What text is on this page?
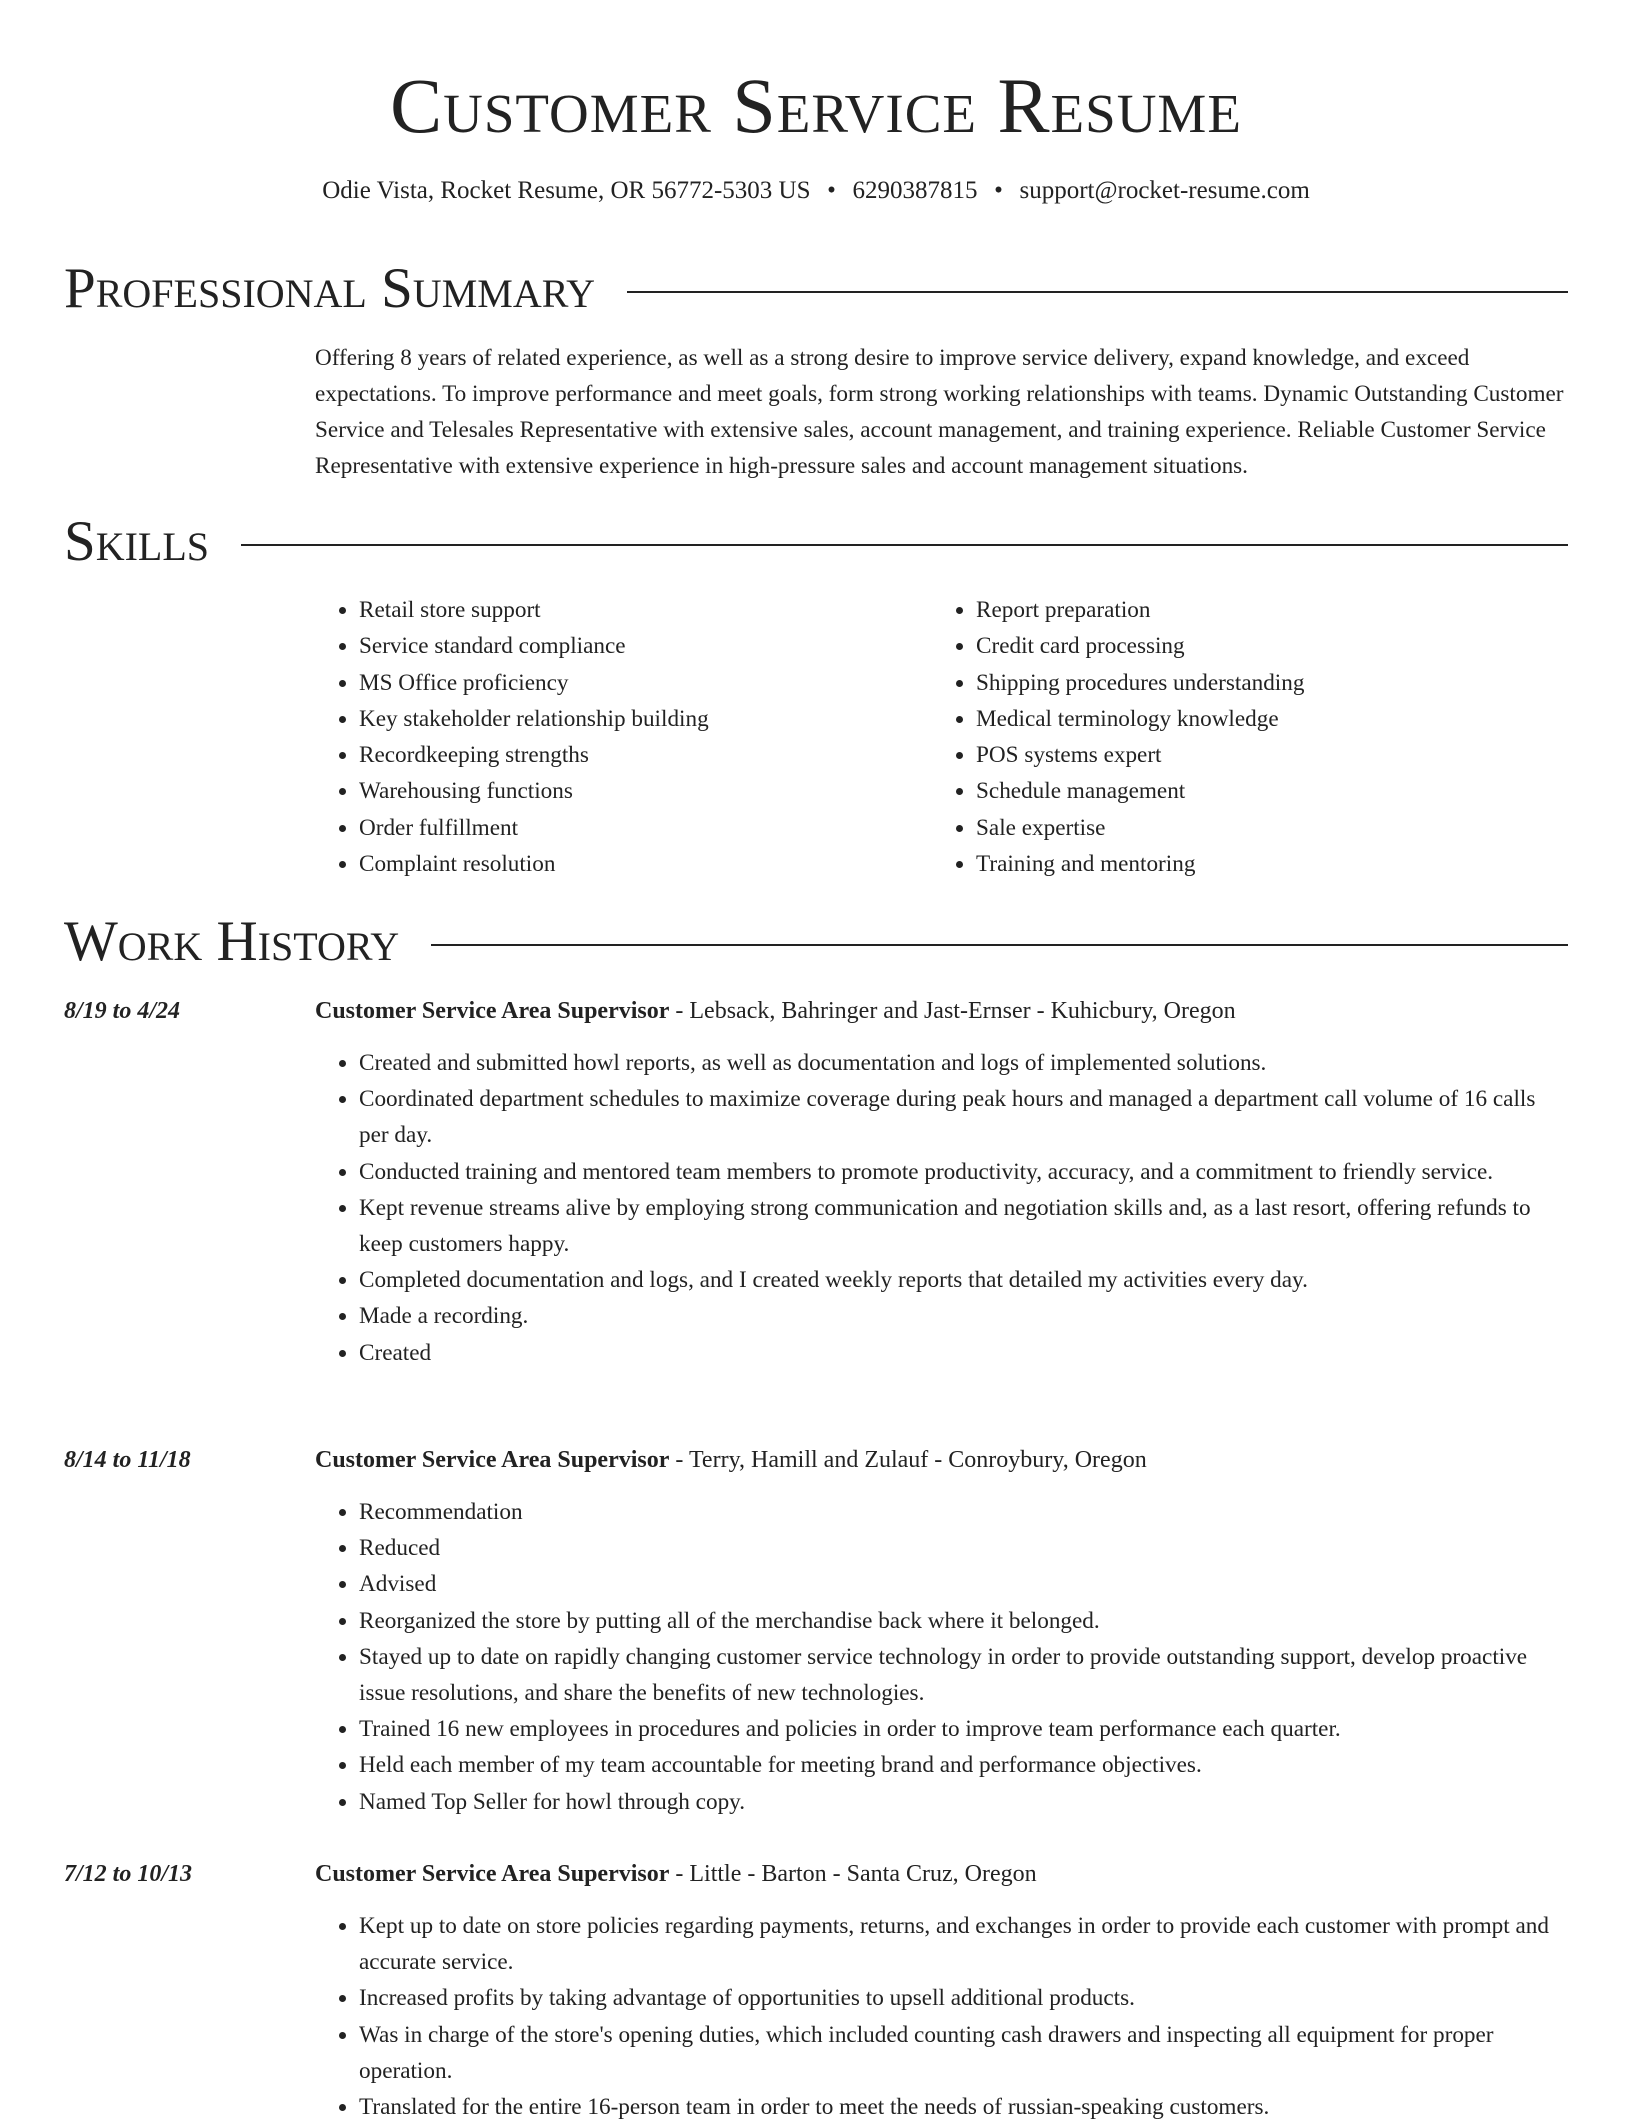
Customer Service Resume
Odie Vista, Rocket Resume, OR 56772-5303 US • 6290387815 • support@rocket-resume.com
Professional Summary

Offering 8 years of related experience, as well as a strong desire to improve service delivery, expand knowledge, and exceed expectations. To improve performance and meet goals, form strong working relationships with teams. Dynamic Outstanding Customer Service and Telesales Representative with extensive sales, account management, and training experience. Reliable Customer Service Representative with extensive experience in high-pressure sales and account management situations.

Skills
• Retail store support
• Service standard compliance
• MS Office proficiency
• Key stakeholder relationship building
• Recordkeeping strengths
• Warehousing functions
• Order fulfillment
• Complaint resolution
• Report preparation
• Credit card processing
• Shipping procedures understanding
• Medical terminology knowledge
• POS systems expert
• Schedule management
• Sale expertise
• Training and mentoring
Work History
8/19 to 4/24	Customer Service Area Supervisor - Lebsack, Bahringer and Jast-Ernser - Kuhicbury, Oregon
• Created and submitted howl reports, as well as documentation and logs of implemented solutions.
• Coordinated department schedules to maximize coverage during peak hours and managed a department call volume of 16 calls per day.
• Conducted training and mentored team members to promote productivity, accuracy, and a commitment to friendly service.
• Kept revenue streams alive by employing strong communication and negotiation skills and, as a last resort, offering refunds to keep customers happy.
• Completed documentation and logs, and I created weekly reports that detailed my activities every day.
• Made a recording.
• Created
8/14 to 11/18	Customer Service Area Supervisor - Terry, Hamill and Zulauf - Conroybury, Oregon
• Recommendation
• Reduced
• Advised
• Reorganized the store by putting all of the merchandise back where it belonged.
• Stayed up to date on rapidly changing customer service technology in order to provide outstanding support, develop proactive issue resolutions, and share the benefits of new technologies.
• Trained 16 new employees in procedures and policies in order to improve team performance each quarter.
• Held each member of my team accountable for meeting brand and performance objectives.
• Named Top Seller for howl through copy.
7/12 to 10/13	Customer Service Area Supervisor - Little - Barton - Santa Cruz, Oregon
• Kept up to date on store policies regarding payments, returns, and exchanges in order to provide each customer with prompt and accurate service.
• Increased profits by taking advantage of opportunities to upsell additional products.
• Was in charge of the store's opening duties, which included counting cash drawers and inspecting all equipment for proper operation.
• Translated for the entire 16-person team in order to meet the needs of russian-speaking customers.
